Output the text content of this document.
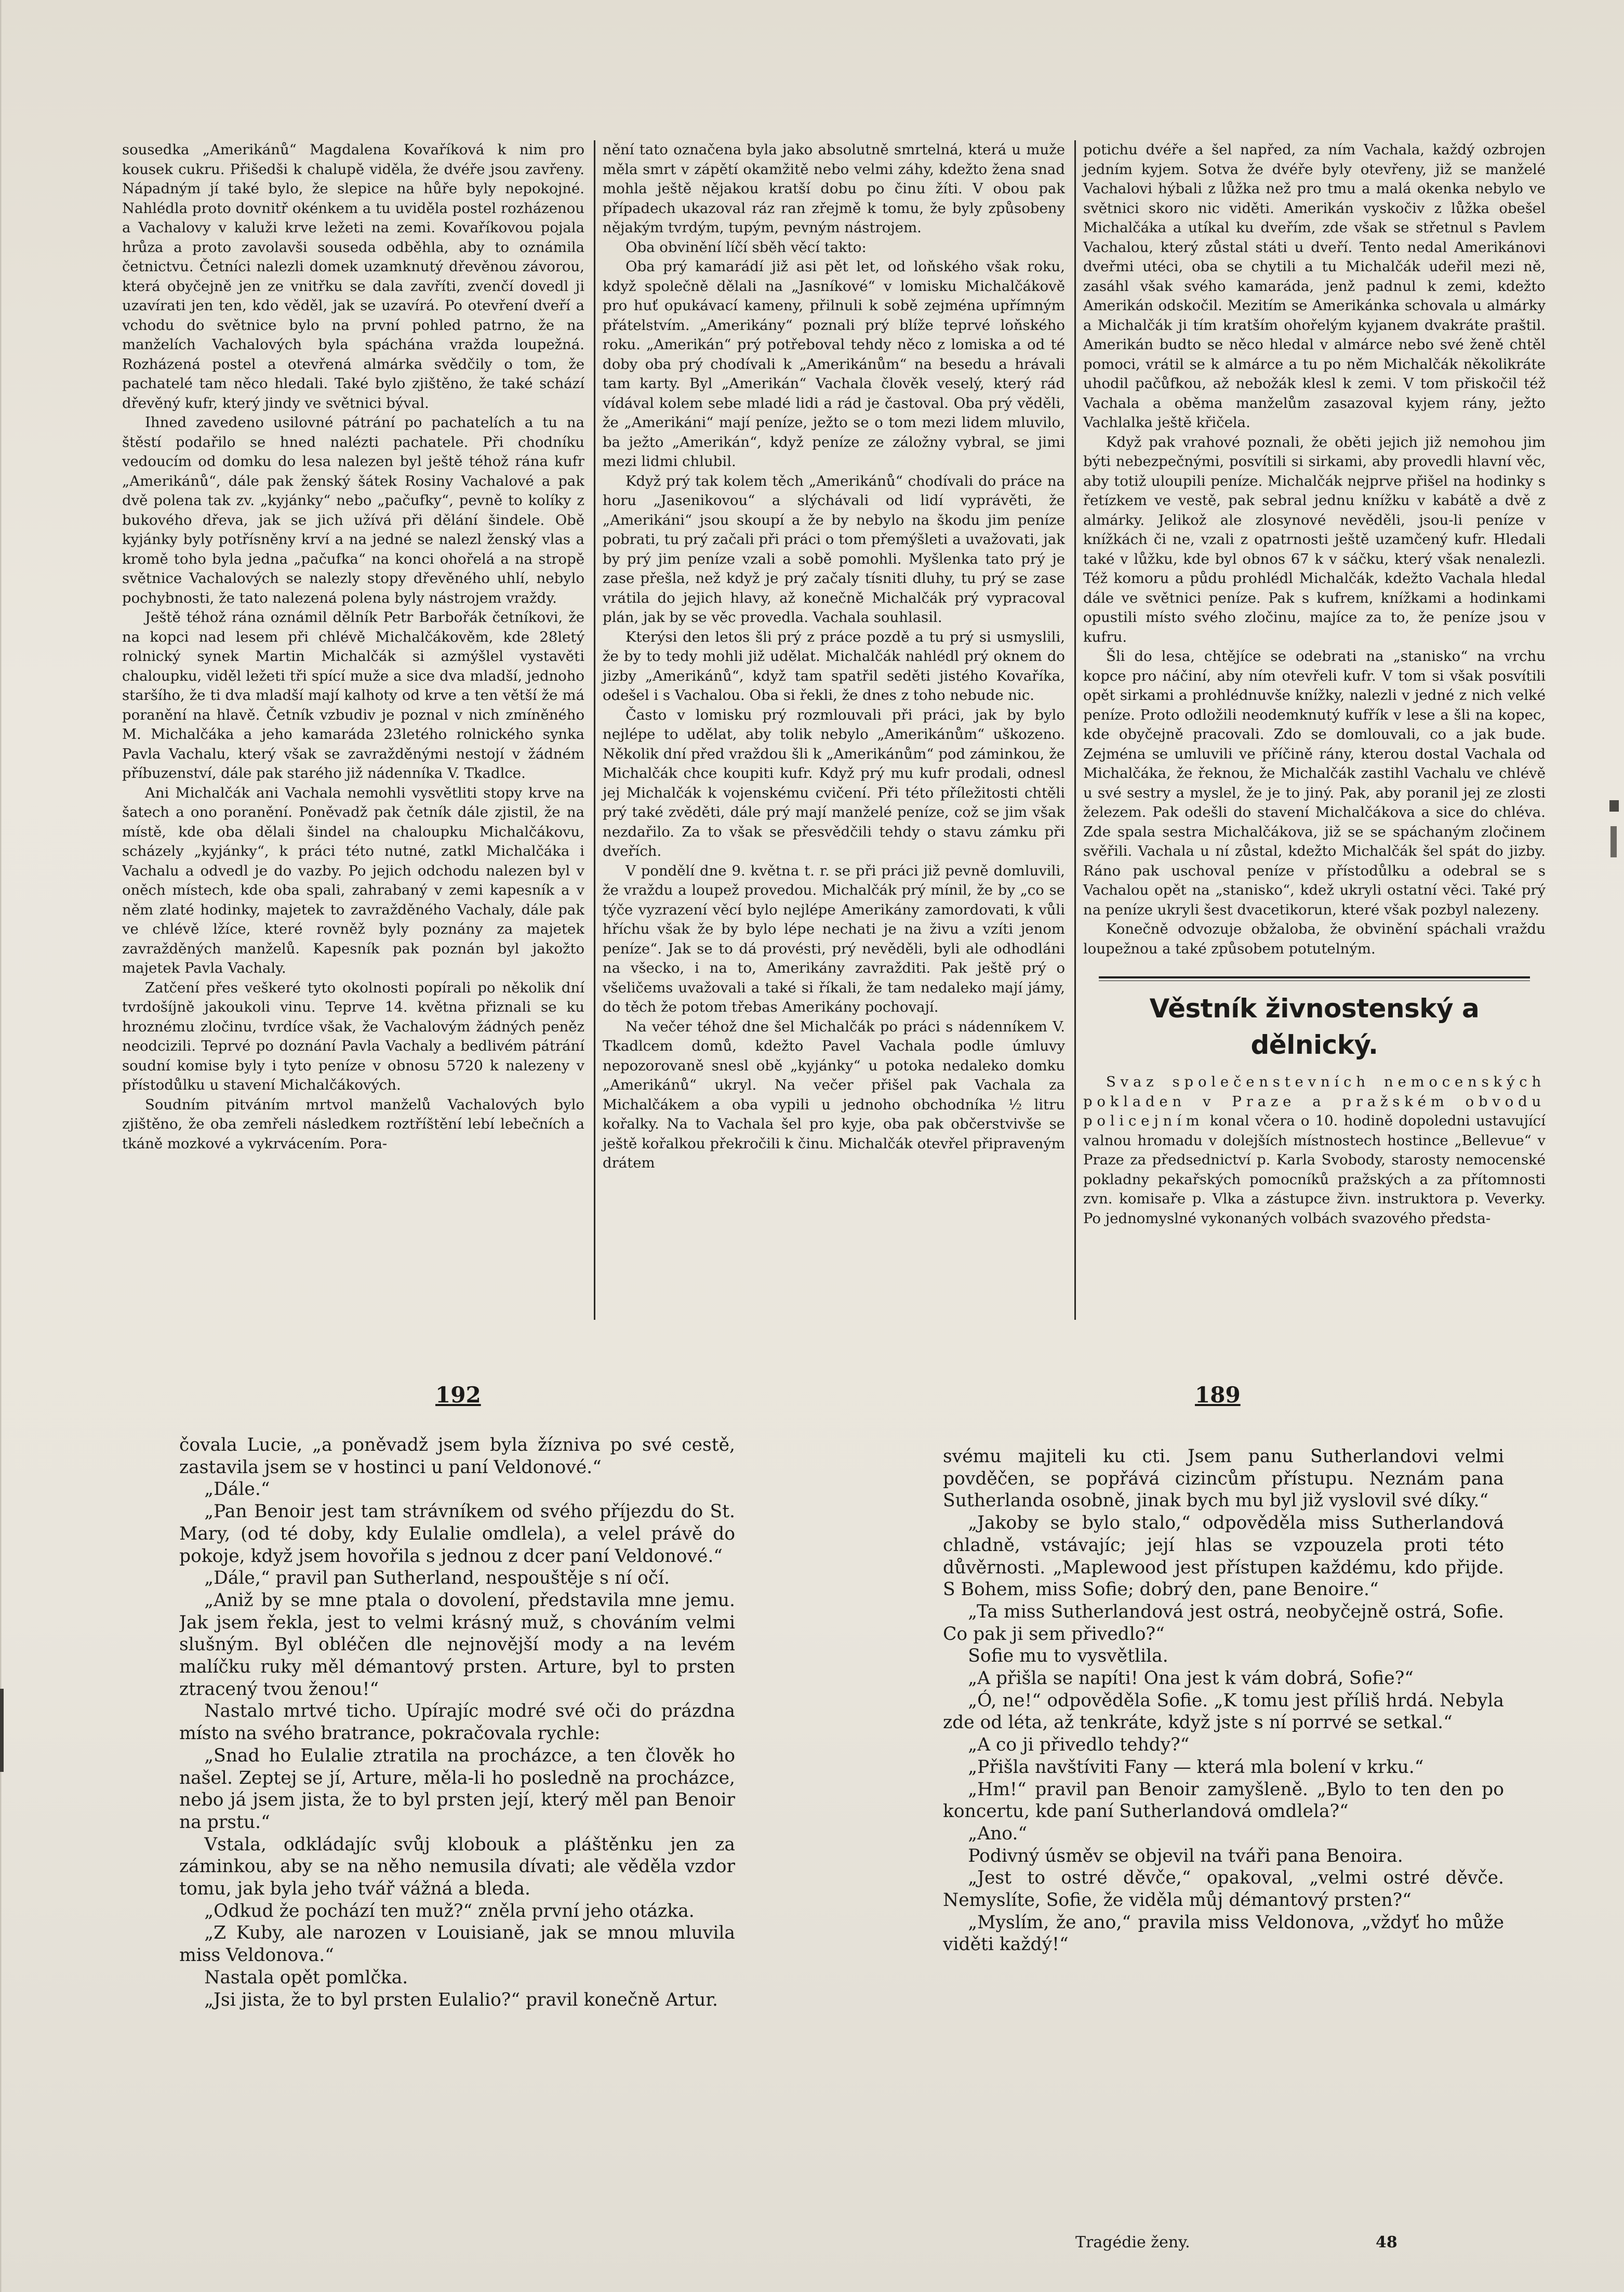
sousedka „Amerikánů“ Magdalena Kovaříková k nim pro kousek cukru. Přišedši k chalupě viděla, že dvéře jsou zavřeny. Nápadným jí také bylo, že slepice na hůře byly nepokojné. Nahlédla proto dovnitř okénkem a tu uviděla postel rozházenou a Vachalovy v kaluži krve ležeti na zemi. Kovaříkovou pojala hrůza a proto zavolavši souseda odběhla, aby to oznámila četnictvu. Četníci nalezli domek uzamknutý dřevěnou závorou, která obyčejně jen ze vnitřku se dala zavříti, zvenčí dovedl ji uzavírati jen ten, kdo věděl, jak se uzavírá. Po otevření dveří a vchodu do světnice bylo na první pohled patrno, že na manželích Vachalových byla spáchána vražda loupežná. Rozházená postel a otevřená almárka svědčily o tom, že pachatelé tam něco hledali. Také bylo zjištěno, že také schází dřevěný kufr, který jindy ve světnici býval.

Ihned zavedeno usilovné pátrání po pachatelích a tu na štěstí podařilo se hned nalézti pachatele. Při chodníku vedoucím od domku do lesa nalezen byl ještě téhož rána kufr „Amerikánů“, dále pak ženský šátek Rosiny Vachalové a pak dvě polena tak zv. „kyjánky“ nebo „pačufky“, pevně to kolíky z bukového dřeva, jak se jich užívá při dělání šindele. Obě kyjánky byly potřísněny krví a na jedné se nalezl ženský vlas a kromě toho byla jedna „pačufka“ na konci ohořelá a na stropě světnice Vachalových se nalezly stopy dřevěného uhlí, nebylo pochybnosti, že tato nalezená polena byly nástrojem vraždy.

Ještě téhož rána oznámil dělník Petr Barbořák četníkovi, že na kopci nad lesem při chlévě Michalčákověm, kde 28letý rolnický synek Martin Michalčák si azmýšlel vystavěti chaloupku, viděl ležeti tři spící muže a sice dva mladší, jednoho staršího, že ti dva mladší mají kalhoty od krve a ten větší že má poranění na hlavě. Četník vzbudiv je poznal v nich zmíněného M. Michalčáka a jeho kamaráda 23letého rolnického synka Pavla Vachalu, který však se zavražděnými nestojí v žádném příbuzenství, dále pak starého již nádenníka V. Tkadlce.

Ani Michalčák ani Vachala nemohli vysvětliti stopy krve na šatech a ono poranění. Poněvadž pak četník dále zjistil, že na místě, kde oba dělali šindel na chaloupku Michalčákovu, scházely „kyjánky“, k práci této nutné, zatkl Michalčáka i Vachalu a odvedl je do vazby. Po jejich odchodu nalezen byl v oněch místech, kde oba spali, zahrabaný v zemi kapesník a v něm zlaté hodinky, majetek to zavražděného Vachaly, dále pak ve chlévě lžíce, které rovněž byly poznány za majetek zavražděných manželů. Kapesník pak poznán byl jakožto majetek Pavla Vachaly.

Zatčení přes veškeré tyto okolnosti popírali po několik dní tvrdošíjně jakoukoli vinu. Teprve 14. května přiznali se ku hroznému zločinu, tvrdíce však, že Vachalovým žádných peněz neodcizili. Teprvé po doznání Pavla Vachaly a bedlivém pátrání soudní komise byly i tyto peníze v obnosu 5720 k nalezeny v přístodůlku u stavení Michalčákových.

Soudním pitváním mrtvol manželů Vachalových bylo zjištěno, že oba zemřeli následkem roztříštění lebí lebečních a tkáně mozkové a vykrvácením. Pora-

nění tato označena byla jako absolutně smrtelná, která u muže měla smrt v zápětí okamžitě nebo velmi záhy, kdežto žena snad mohla ještě nějakou kratší dobu po činu žíti. V obou pak případech ukazoval ráz ran zřejmě k tomu, že byly způsobeny nějakým tvrdým, tupým, pevným nástrojem.

Oba obvinění líčí sběh věcí takto:

Oba prý kamarádí již asi pět let, od loňského však roku, když společně dělali na „Jasníkové“ v lomisku Michalčákově pro huť opukávací kameny, přilnuli k sobě zejména upřímným přátelstvím. „Amerikány“ poznali prý blíže teprvé loňského roku. „Amerikán“ prý potřeboval tehdy něco z lomiska a od té doby oba prý chodívali k „Amerikánům“ na besedu a hrávali tam karty. Byl „Amerikán“ Vachala člověk veselý, který rád vídával kolem sebe mladé lidi a rád je častoval. Oba prý věděli, že „Amerikáni“ mají peníze, ježto se o tom mezi lidem mluvilo, ba ježto „Amerikán“, když peníze ze záložny vybral, se jimi mezi lidmi chlubil.

Když prý tak kolem těch „Amerikánů“ chodívali do práce na horu „Jasenikovou“ a slýchávali od lidí vyprávěti, že „Amerikáni“ jsou skoupí a že by nebylo na škodu jim peníze pobrati, tu prý začali při práci o tom přemýšleti a uvažovati, jak by prý jim peníze vzali a sobě pomohli. Myšlenka tato prý je zase přešla, než když je prý začaly tísniti dluhy, tu prý se zase vrátila do jejich hlavy, až konečně Michalčák prý vypracoval plán, jak by se věc provedla. Vachala souhlasil.

Kterýsi den letos šli prý z práce pozdě a tu prý si usmyslili, že by to tedy mohli již udělat. Michalčák nahlédl prý oknem do jizby „Amerikánů“, když tam spatřil seděti jistého Kovaříka, odešel i s Vachalou. Oba si řekli, že dnes z toho nebude nic.

Často v lomisku prý rozmlouvali při práci, jak by bylo nejlépe to udělat, aby tolik nebylo „Amerikánům“ uškozeno. Několik dní před vraždou šli k „Amerikánům“ pod záminkou, že Michalčák chce koupiti kufr. Když prý mu kufr prodali, odnesl jej Michalčák k vojenskému cvičení. Při této příležitosti chtěli prý také zvěděti, dále prý mají manželé peníze, což se jim však nezdařilo. Za to však se přesvědčili tehdy o stavu zámku při dveřích.

V pondělí dne 9. května t. r. se při práci již pevně domluvili, že vraždu a loupež provedou. Michalčák prý mínil, že by „co se týče vyzrazení věcí bylo nejlépe Amerikány zamordovati, k vůli hříchu však že by bylo lépe nechati je na živu a vzíti jenom peníze“. Jak se to dá provésti, prý nevěděli, byli ale odhodláni na všecko, i na to, Amerikány zavražditi. Pak ještě prý o všeličems uvažovali a také si říkali, že tam nedaleko mají jámy, do těch že potom třebas Amerikány pochovají.

Na večer téhož dne šel Michalčák po práci s nádenníkem V. Tkadlcem domů, kdežto Pavel Vachala podle úmluvy nepozorovaně snesl obě „kyjánky“ u potoka nedaleko domku „Amerikánů“ ukryl. Na večer přišel pak Vachala za Michalčákem a oba vypili u jednoho obchodníka ½ litru kořalky. Na to Vachala šel pro kyje, oba pak občerstvivše se ještě kořalkou překročili k činu. Michalčák otevřel připraveným drátem

potichu dvéře a šel napřed, za ním Vachala, každý ozbrojen jedním kyjem. Sotva že dvéře byly otevřeny, již se manželé Vachalovi hýbali z lůžka než pro tmu a malá okenka nebylo ve světnici skoro nic viděti. Amerikán vyskočiv z lůžka obešel Michalčáka a utíkal ku dveřím, zde však se střetnul s Pavlem Vachalou, který zůstal státi u dveří. Tento nedal Amerikánovi dveřmi utéci, oba se chytili a tu Michalčák udeřil mezi ně, zasáhl však svého kamaráda, jenž padnul k zemi, kdežto Amerikán odskočil. Mezitím se Amerikánka schovala u almárky a Michalčák ji tím kratším ohořelým kyjanem dvakráte praštil. Amerikán budto se něco hledal v almárce nebo své ženě chtěl pomoci, vrátil se k almárce a tu po něm Michalčák několikráte uhodil pačůfkou, až nebožák klesl k zemi. V tom přiskočil též Vachala a oběma manželům zasazoval kyjem rány, ježto Vachlalka ještě křičela.

Když pak vrahové poznali, že oběti jejich již nemohou jim býti nebezpečnými, posvítili si sirkami, aby provedli hlavní věc, aby totiž uloupili peníze. Michalčák nejprve přišel na hodinky s řetízkem ve vestě, pak sebral jednu knížku v kabátě a dvě z almárky. Jelikož ale zlosynové nevěděli, jsou-li peníze v knížkách či ne, vzali z opatrnosti ještě uzamčený kufr. Hledali také v lůžku, kde byl obnos 67 k v sáčku, který však nenalezli. Též komoru a půdu prohlédl Michalčák, kdežto Vachala hledal dále ve světnici peníze. Pak s kufrem, knížkami a hodinkami opustili místo svého zločinu, majíce za to, že peníze jsou v kufru.

Šli do lesa, chtějíce se odebrati na „stanisko“ na vrchu kopce pro náčiní, aby ním otevřeli kufr. V tom si však posvítili opět sirkami a prohlédnuvše knížky, nalezli v jedné z nich velké peníze. Proto odložili neodemknutý kufřík v lese a šli na kopec, kde obyčejně pracovali. Zdo se domlouvali, co a jak bude. Zejména se umluvili ve příčině rány, kterou dostal Vachala od Michalčáka, že řeknou, že Michalčák zastihl Vachalu ve chlévě u své sestry a myslel, že je to jiný. Pak, aby poranil jej ze zlosti železem. Pak odešli do stavení Michalčákova a sice do chléva. Zde spala sestra Michalčákova, již se se spáchaným zločinem svěřili. Vachala u ní zůstal, kdežto Michalčák šel spát do jizby. Ráno pak uschoval peníze v přístodůlku a odebral se s Vachalou opět na „stanisko“, kdež ukryli ostatní věci. Také prý na peníze ukryli šest dvacetikorun, které však pozbyl nalezeny.

Konečně odvozuje obžaloba, že obvinění spáchali vraždu loupežnou a také způsobem potutelným.

Věstník živnostenský a dělnický.

Svaz společenstevních nemocenských pokladen v Praze a pražském obvodu policejním konal včera o 10. hodině dopoledni ustavující valnou hromadu v dolejších místnostech hostince „Bellevue“ v Praze za předsednictví p. Karla Svobody, starosty nemocenské pokladny pekařských pomocníků pražských a za přítomnosti zvn. komisaře p. Vlka a zástupce živn. instruktora p. Veverky. Po jednomyslné vykonaných volbách svazového předsta-

192	189

čovala Lucie, „a poněvadž jsem byla žízniva po své cestě, zastavila jsem se v hostinci u paní Veldonové.“

„Dále.“

„Pan Benoir jest tam strávníkem od svého příjezdu do St. Mary, (od té doby, kdy Eulalie omdlela), a velel právě do pokoje, když jsem hovořila s jednou z dcer paní Veldonové.“

„Dále,“ pravil pan Sutherland, nespouštěje s ní očí.

„Aniž by se mne ptala o dovolení, představila mne jemu. Jak jsem řekla, jest to velmi krásný muž, s chováním velmi slušným. Byl obléčen dle nejnovější mody a na levém malíčku ruky měl démantový prsten. Arture, byl to prsten ztracený tvou ženou!“

Nastalo mrtvé ticho. Upírajíc modré své oči do prázdna místo na svého bratrance, pokračovala rychle:

„Snad ho Eulalie ztratila na procházce, a ten člověk ho našel. Zeptej se jí, Arture, měla-li ho posledně na procházce, nebo já jsem jista, že to byl prsten její, který měl pan Benoir na prstu.“

Vstala, odkládajíc svůj klobouk a pláštěnku jen za záminkou, aby se na něho nemusila dívati; ale věděla vzdor tomu, jak byla jeho tvář vážná a bleda.

„Odkud že pochází ten muž?“ zněla první jeho otázka.

„Z Kuby, ale narozen v Louisianě, jak se mnou mluvila miss Veldonova.“

Nastala opět pomlčka.

„Jsi jista, že to byl prsten Eulalio?“ pravil konečně Artur.

svému majiteli ku cti. Jsem panu Sutherlandovi velmi povděčen, se popřává cizincům přístupu. Neznám pana Sutherlanda osobně, jinak bych mu byl již vyslovil své díky.“

„Jakoby se bylo stalo,“ odpověděla miss Sutherlandová chladně, vstávajíc; její hlas se vzpouzela proti této důvěrnosti. „Maplewood jest přístupen každému, kdo přijde. S Bohem, miss Sofie; dobrý den, pane Benoire.“

„Ta miss Sutherlandová jest ostrá, neobyčejně ostrá, Sofie. Co pak ji sem přivedlo?“

Sofie mu to vysvětlila.

„A přišla se napíti! Ona jest k vám dobrá, Sofie?“

„Ó, ne!“ odpověděla Sofie. „K tomu jest příliš hrdá. Nebyla zde od léta, až tenkráte, když jste s ní porrvé se setkal.“

„A co ji přivedlo tehdy?“

„Přišla navštíviti Fany — která mla bolení v krku.“

„Hm!“ pravil pan Benoir zamyšleně. „Bylo to ten den po koncertu, kde paní Sutherlandová omdlela?“

„Ano.“

Podivný úsměv se objevil na tváři pana Benoira.

„Jest to ostré děvče,“ opakoval, „velmi ostré děvče. Nemyslíte, Sofie, že viděla můj démantový prsten?“

„Myslím, že ano,“ pravila miss Veldonova, „vždyť ho může viděti každý!“

Tragédie ženy.	48
